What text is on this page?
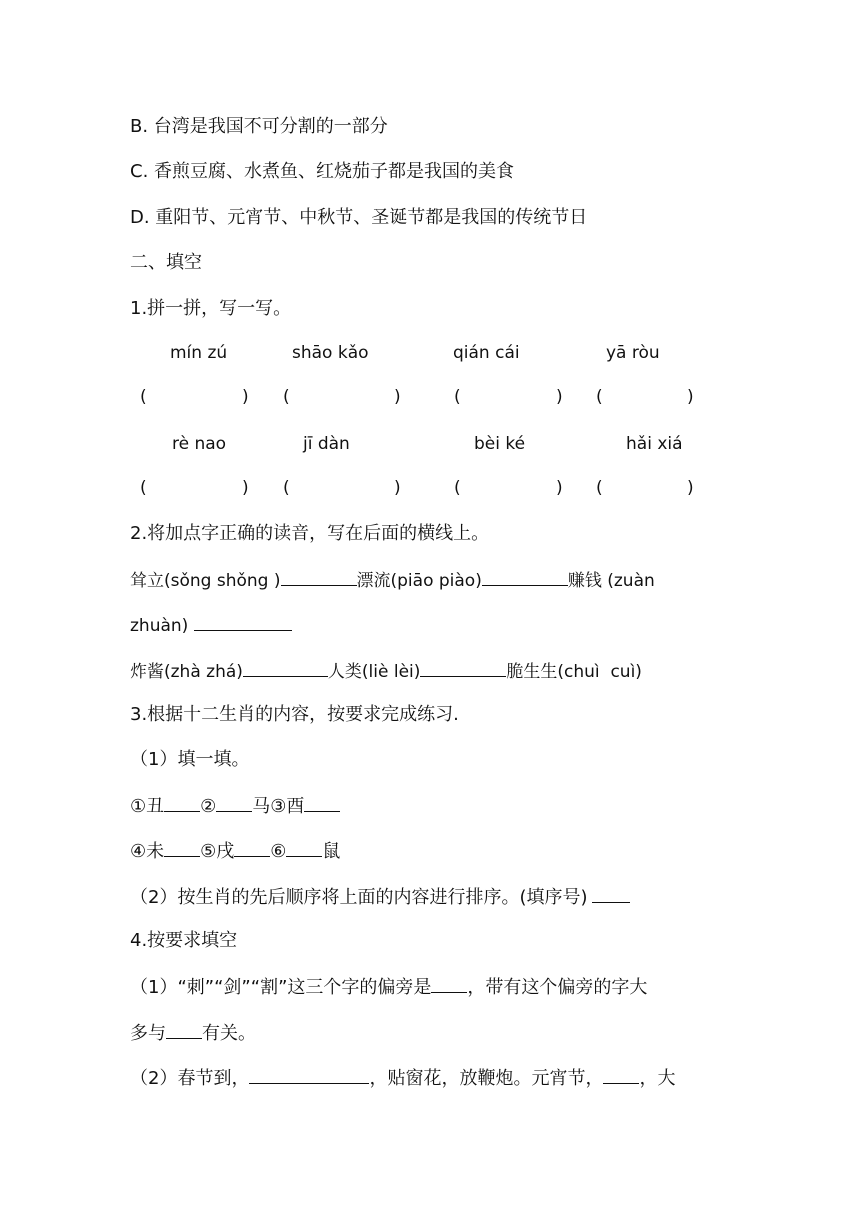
B. 台湾是我国不可分割的一部分
C. 香煎豆腐、水煮鱼、红烧茄子都是我国的美食
D. 重阳节、元宵节、中秋节、圣诞节都是我国的传统节日
二、填空
1.拼一拼，写一写。
mín zú	shāo kǎo	qián cái	yā ròu
(	) (	)	(	) (	)
rè nao	jī dàn	bèi ké	hǎi xiá
(	) (	)	(	) (	)
2.将加点字正确的读音，写在后面的横线上。
耸立(sǒng shǒng )	漂流(piāo piào)	赚钱 (zuàn
zhuàn)
炸酱(zhà zhá)	人类(liè lèi)	脆生生(chuì  cuì)
3.根据十二生肖的内容，按要求完成练习.
（1）填一填。
①丑 ② 马③酉
④未 ⑤戌 ⑥ 鼠
（2）按生肖的先后顺序将上面的内容进行排序。(填序号)
4.按要求填空
（1）“刺”“剑”“割”这三个字的偏旁是 ，带有这个偏旁的字大
多与 有关。
（2）春节到，	，贴窗花，放鞭炮。元宵节， ，大
